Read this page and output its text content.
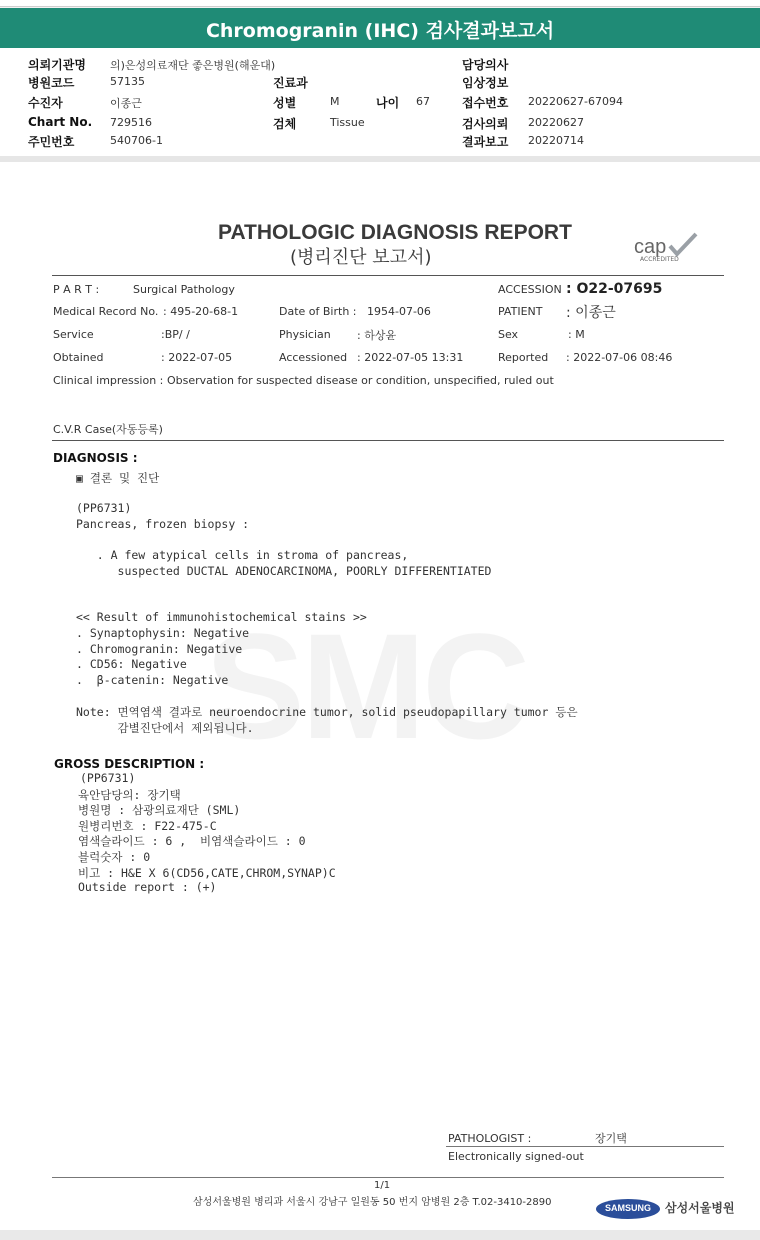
Chromogranin (IHC) 검사결과보고서
의뢰기관명 의)은성의료재단 좋은병원(해운대)	담당의사
병원코드	57135	진료과	임상정보
수진자	이종근	성별	M	나이 67	접수번호 20220627-67094
Chart No. 729516	검체	Tissue	검사의뢰 20220627
주민번호	540706-1	결과보고 20220714
PATHOLOGIC DIAGNOSIS REPORT
(병리진단 보고서)	cap
ACCREDITED
P A R T :	Surgical Pathology	ACCESSION : O22-07695
Medical Record No. : 495-20-68-1	Date of Birth : 1954-07-06	PATIENT : 이종근
Service	:BP/ /	Physician : 하상윤	Sex	: M
Obtained	: 2022-07-05	Accessioned : 2022-07-05 13:31	Reported : 2022-07-06 08:46
Clinical impression : Observation for suspected disease or condition, unspecified, ruled out
C.V.R Case(자동등록)
DIAGNOSIS :
▣ 결론 및 진단
(PP6731)
Pancreas, frozen biopsy :
. A few atypical cells in stroma of pancreas,
suspected DUCTAL ADENOCARCINOMA, POORLY DIFFERENTIATED
<< Result of immunohistochemical stains >>
. Synaptophysin: Negative
. Chromogranin: Negative
. CD56: Negative
.  β-catenin: Negative
Note: 면역염색 결과로 neuroendocrine tumor, solid pseudopapillary tumor 등은
감별진단에서 제외됩니다.
GROSS DESCRIPTION :
(PP6731)
육안담당의: 장기택
병원명 : 삼광의료재단 (SML)
원병리번호 : F22-475-C
염색슬라이드 : 6 ,  비염색슬라이드 : 0
블럭숫자 : 0
비고 : H&E X 6(CD56,CATE,CHROM,SYNAP)C
Outside report : (+)
PATHOLOGIST :	장기택
Electronically signed-out
1/1
삼성서울병원 병리과 서울시 강남구 일원동 50 번지 암병원 2층 T.02-3410-2890	SAMSUNG	삼성서울병원
